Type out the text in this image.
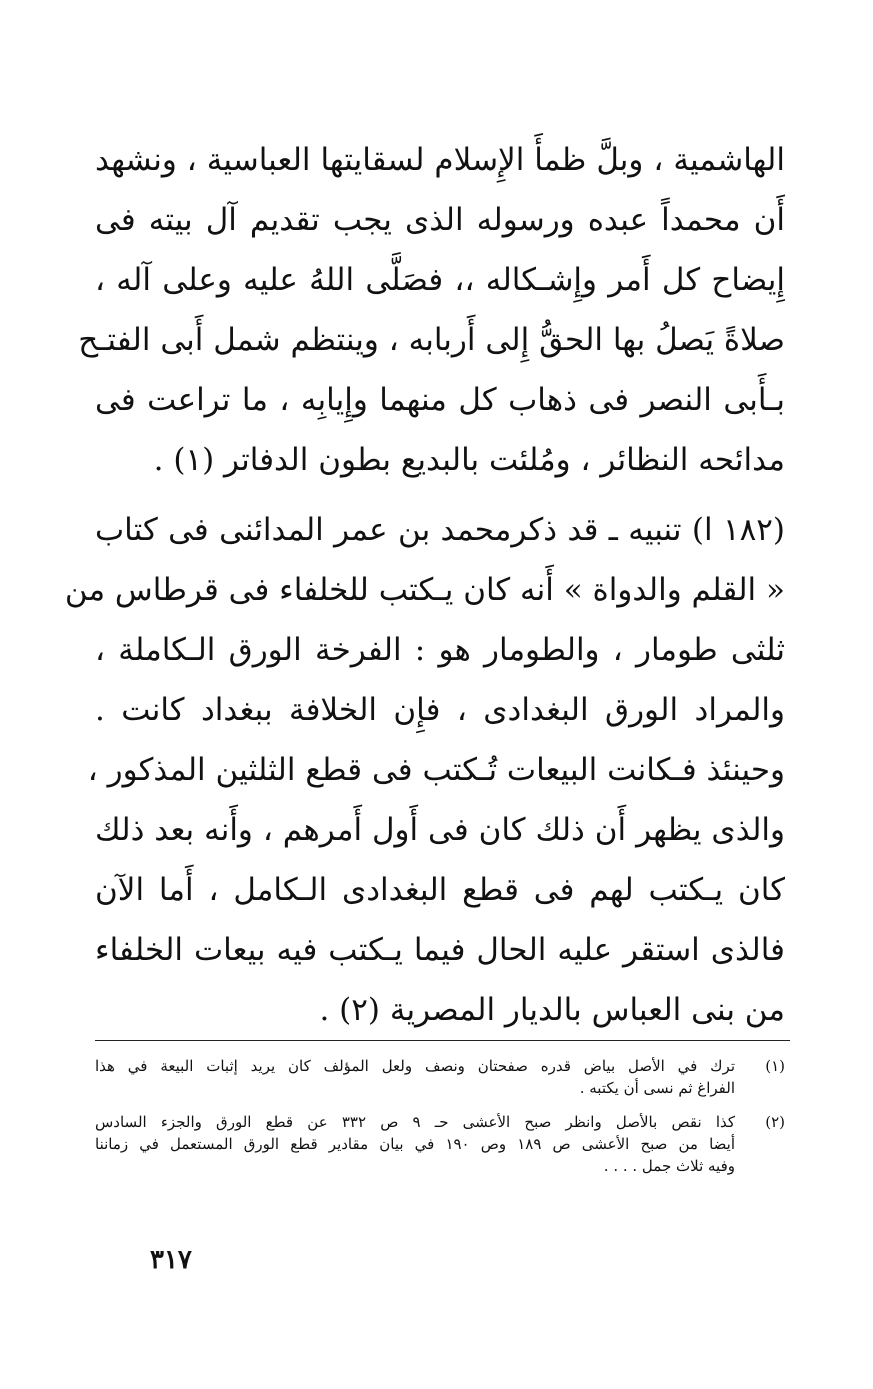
الهاشمية ، وبلَّ ظمأَ الإِسلام لسقايتها العباسية ، ونشهد
أَن محمداً عبده ورسوله الذى يجب تقديم آل بيته فى
إِيضاح كل أَمر وإِشـكاله ،، فصَلَّى اللهُ عليه وعلى آله ،
صلاةً يَصلُ بها الحقُّ إِلى أَربابه ، وينتظم شمل أَبى الفتـح
بـأَبى النصر فى ذهاب كل منهما وإِيابِه ، ما تراعت فى
مدائحه النظائر ، ومُلئت بالبديع بطون الدفاتر (١) .
(١٨٢ ا) تنبيه ـ قد ذكرمحمد بن عمر المدائنى فى كتاب
« القلم والدواة » أَنه كان يـكتب للخلفاء فى قرطاس من
ثلثى طومار ، والطومار هو : الفرخة الورق الـكاملة ،
والمراد الورق البغدادى ، فإِن الخلافة ببغداد كانت .
وحينئذ فـكانت البيعات تُـكتب فى قطع الثلثين المذكور ،
والذى يظهر أَن ذلك كان فى أَول أَمرهم ، وأَنه بعد ذلك
كان يـكتب لهم فى قطع البغدادى الـكامل ، أَما الآن
فالذى استقر عليه الحال فيما يـكتب فيه بيعات الخلفاء
من بنى العباس بالديار المصرية (٢) .
(١)
ترك في الأصل بياض قدره صفحتان ونصف ولعل المؤلف كان يريد إثبات البيعة في هذا
الفراغ ثم نسى أن يكتبه .
(٢)
كذا نقص بالأصل وانظر صبح الأعشى حـ ٩ ص ٣٣٢ عن قطع الورق والجزء السادس
أيضا من صبح الأعشى ص ١٨٩ وص ١٩٠ في بيان مقادير قطع الورق المستعمل في زماننا
وفيه ثلاث جمل . . . .
٣١٧
